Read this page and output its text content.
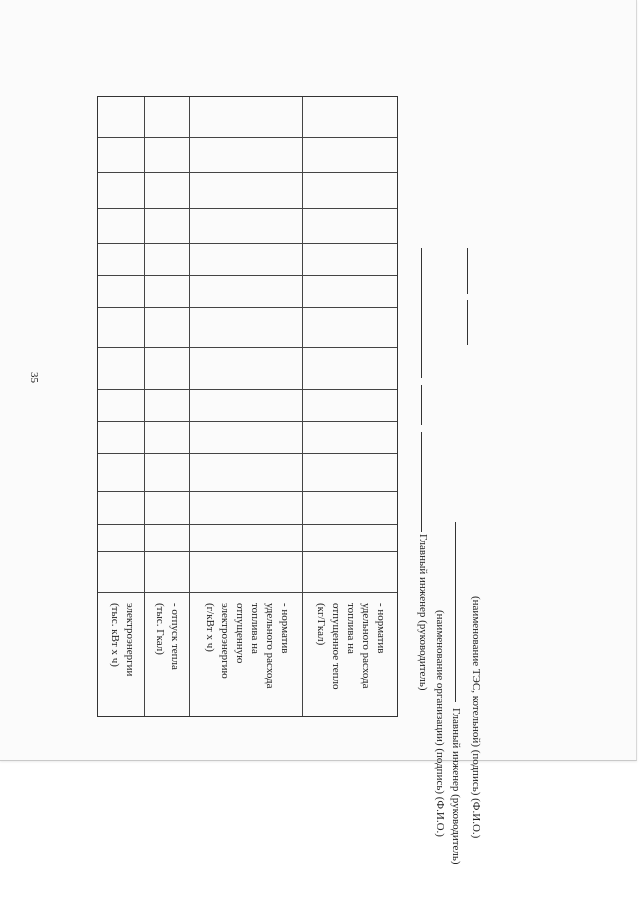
35
электроэнергии
(тыс. кВт х ч)
- отпуск тепла
(тыс. Гкал)
- норматив
удельного расхода
топлива на
отпущенную
электроэнергию
(г/кВт х ч)
- норматив
удельного расхода
топлива на
отпущенное тепло
(кг/Гкал)	Главный инженер (руководитель) (наименование организации) (подпись) (Ф.И.О.) Главный инженер (руководитель) (наименование ТЭС, котельной) (подпись) (Ф.И.О.)
